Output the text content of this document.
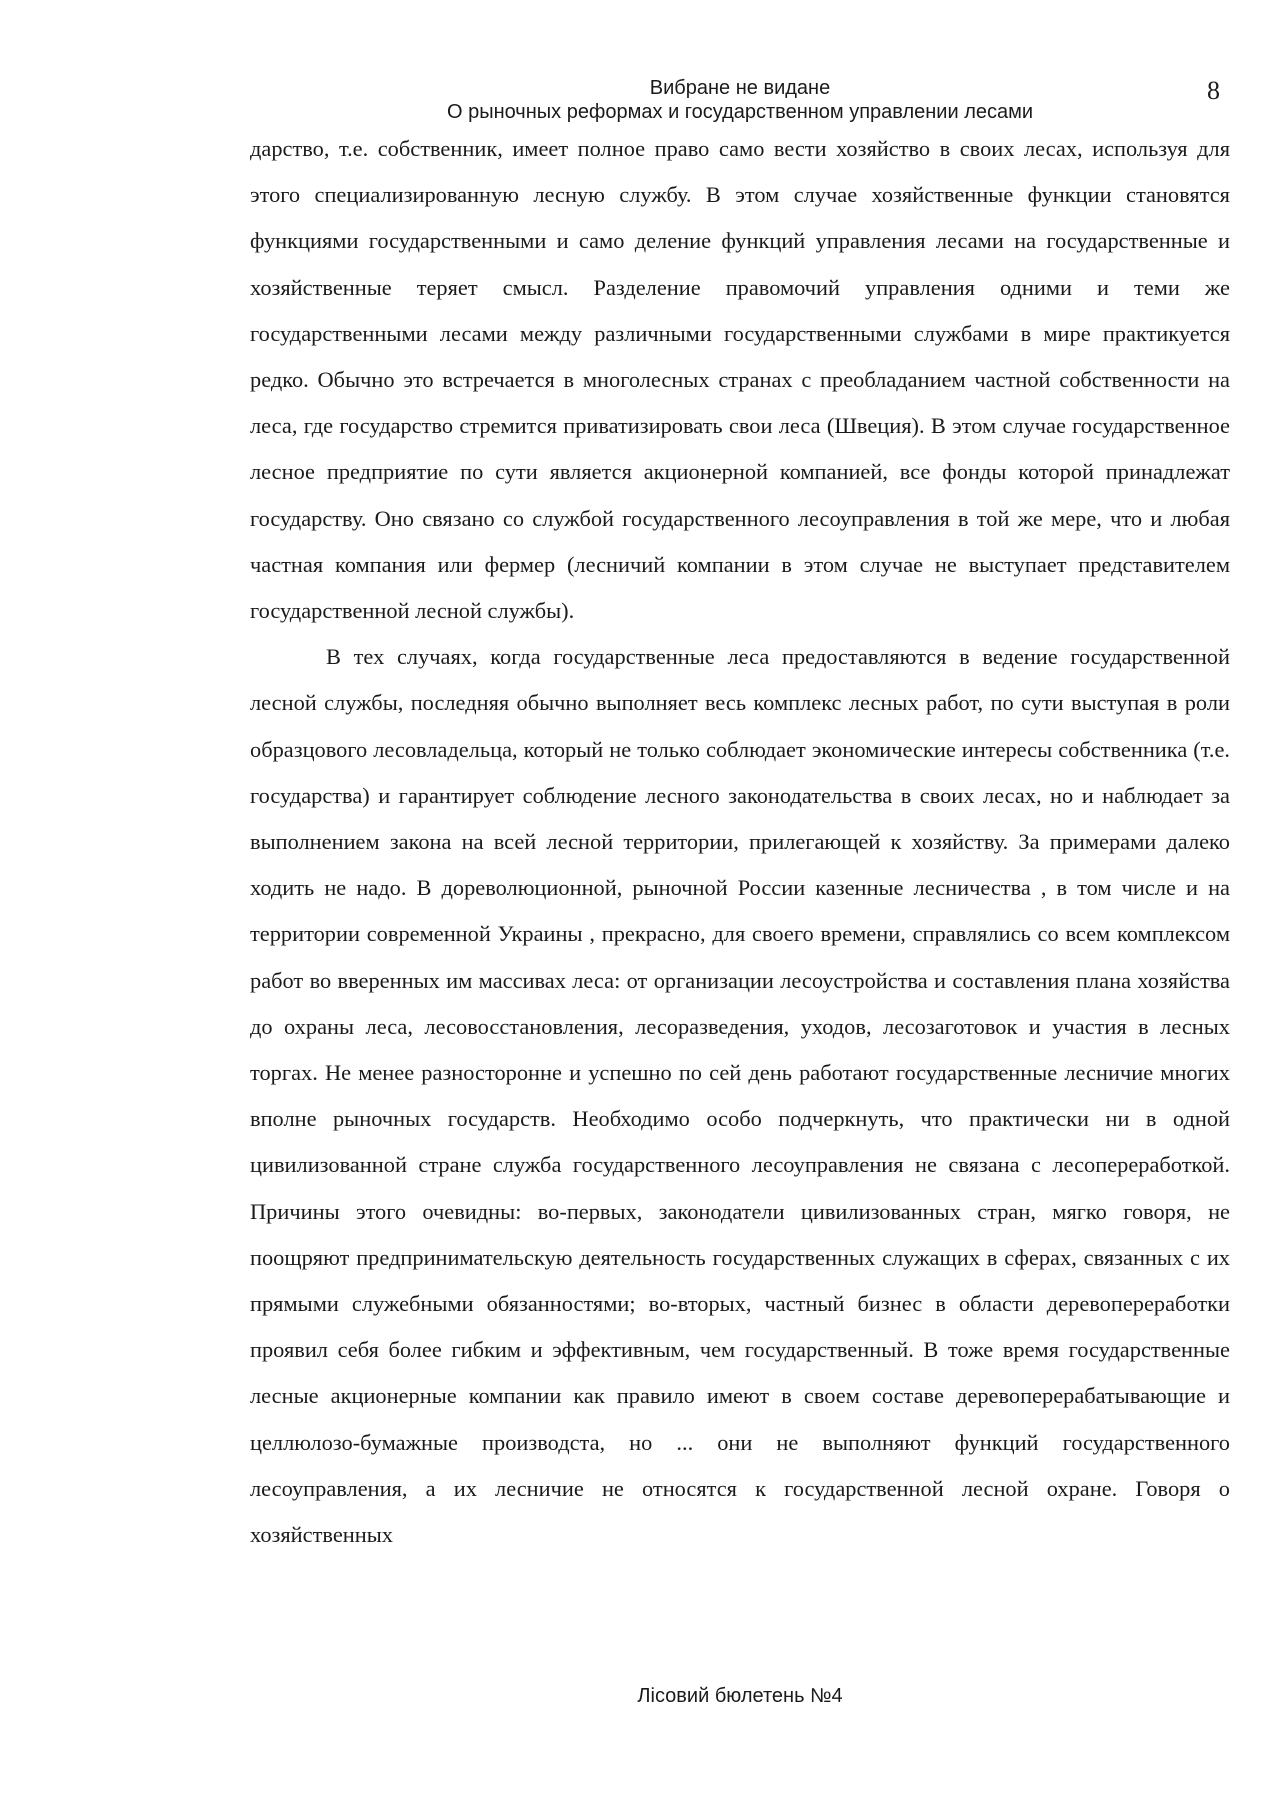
Вибране не видане
О рыночных реформах и государственном управлении лесами
8

дарство, т.е. собственник, имеет полное право само вести хозяйство в своих лесах, используя для этого специализированную лесную службу. В этом случае хозяйственные функции становятся функциями государственными и само деление функций управления лесами на государственные и хозяйственные теряет смысл. Разделение правомочий управления одними и теми же государственными лесами между различными государственными службами в мире практикуется редко. Обычно это встречается в многолесных странах с преобладанием частной собственности на леса, где государство стремится приватизировать свои леса (Швеция). В этом случае государственное лесное предприятие по сути является акционерной компанией, все фонды которой принадлежат государству. Оно связано со службой государственного лесоуправления в той же мере, что и любая частная компания или фермер (лесничий компании в этом случае не выступает представителем государственной лесной службы).

В тех случаях, когда государственные леса предоставляются в ведение государственной лесной службы, последняя обычно выполняет весь комплекс лесных работ, по сути выступая в роли образцового лесовладельца, который не только соблюдает экономические интересы собственника (т.е. государства) и гарантирует соблюдение лесного законодательства в своих лесах, но и наблюдает за выполнением закона на всей лесной территории, прилегающей к хозяйству. За примерами далеко ходить не надо. В дореволюционной, рыночной России казенные лесничества , в том числе и на территории современной Украины , прекрасно, для своего времени, справлялись со всем комплексом работ во вверенных им массивах леса: от организации лесоустройства и составления плана хозяйства до охраны леса, лесовосстановления, лесоразведения, уходов, лесозаготовок и участия в лесных торгах. Не менее разносторонне и успешно по сей день работают государственные лесничие многих вполне рыночных государств. Необходимо особо подчеркнуть, что практически ни в одной цивилизованной стране служба государственного лесоуправления не связана с лесопереработкой. Причины этого очевидны: во-первых, законодатели цивилизованных стран, мягко говоря, не поощряют предпринимательскую деятельность государственных служащих в сферах, связанных с их прямыми служебными обязанностями; во-вторых, частный бизнес в области деревопереработки проявил себя более гибким и эффективным, чем государственный. В тоже время государственные лесные акционерные компании как правило имеют в своем составе деревоперерабатывающие и целлюлозо-бумажные производста, но ... они не выполняют функций государственного лесоуправления, а их лесничие не относятся к государственной лесной охране. Говоря о хозяйственных

Лісовий бюлетень №4
